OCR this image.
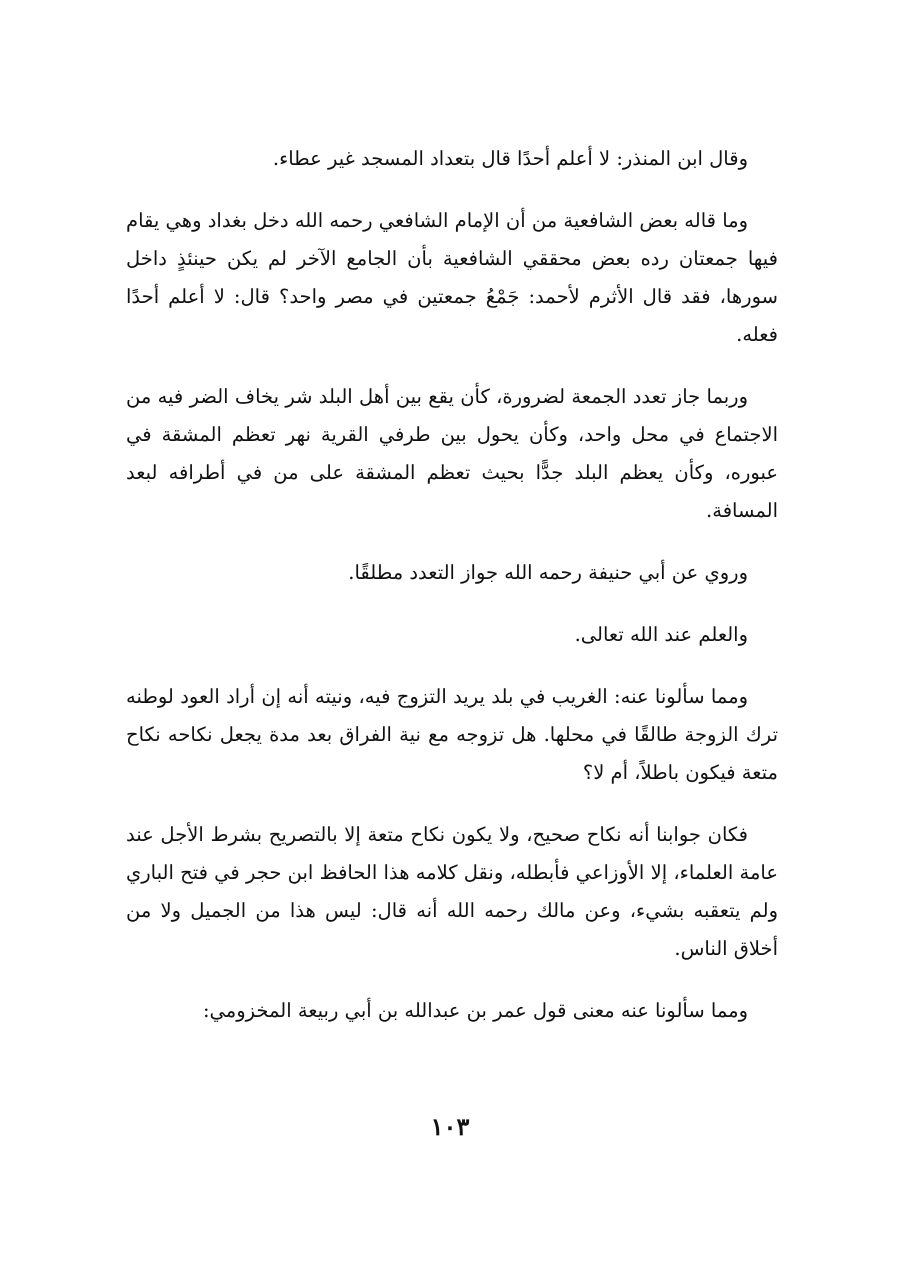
وقال ابن المنذر: لا أعلم أحدًا قال بتعداد المسجد غير عطاء.

وما قاله بعض الشافعية من أن الإمام الشافعي رحمه الله دخل بغداد وهي يقام فيها جمعتان رده بعض محققي الشافعية بأن الجامع الآخر لم يكن حينئذٍ داخل سورها، فقد قال الأثرم لأحمد: جَمْعُ جمعتين في مصر واحد؟ قال: لا أعلم أحدًا فعله.

وربما جاز تعدد الجمعة لضرورة، كأن يقع بين أهل البلد شر يخاف الضر فيه من الاجتماع في محل واحد، وكأن يحول بين طرفي القرية نهر تعظم المشقة في عبوره، وكأن يعظم البلد جدًّا بحيث تعظم المشقة على من في أطرافه لبعد المسافة.

وروي عن أبي حنيفة رحمه الله جواز التعدد مطلقًا.

والعلم عند الله تعالى.

ومما سألونا عنه: الغريب في بلد يريد التزوج فيه، ونيته أنه إن أراد العود لوطنه ترك الزوجة طالقًا في محلها. هل تزوجه مع نية الفراق بعد مدة يجعل نكاحه نكاح متعة فيكون باطلاً، أم لا؟

فكان جوابنا أنه نكاح صحيح، ولا يكون نكاح متعة إلا بالتصريح بشرط الأجل عند عامة العلماء، إلا الأوزاعي فأبطله، ونقل كلامه هذا الحافظ ابن حجر في فتح الباري ولم يتعقبه بشيء، وعن مالك رحمه الله أنه قال: ليس هذا من الجميل ولا من أخلاق الناس.

ومما سألونا عنه معنى قول عمر بن عبدالله بن أبي ربيعة المخزومي:

١٠٣
